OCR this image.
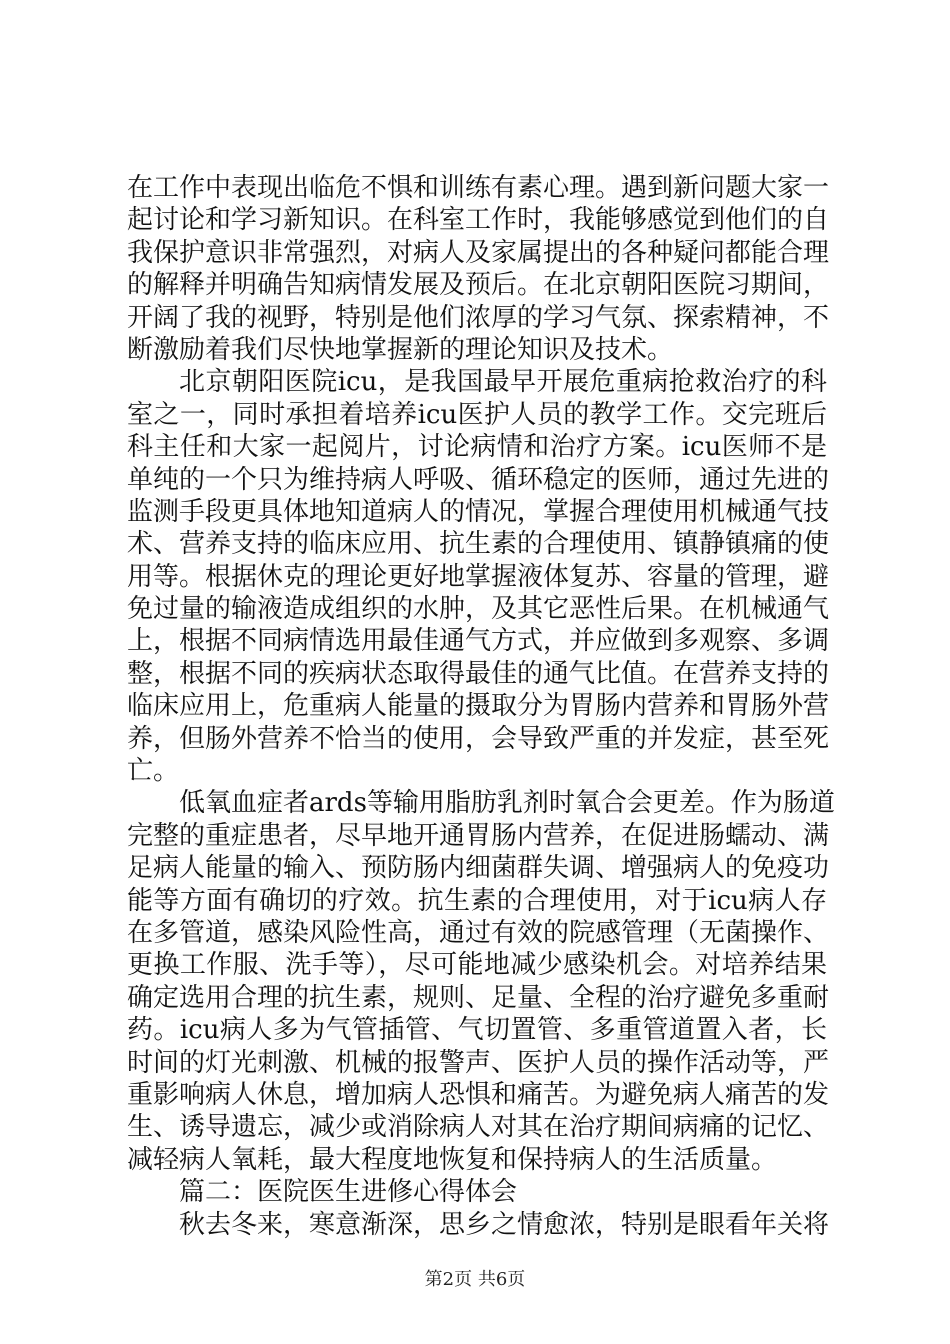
在工作中表现出临危不惧和训练有素心理。遇到新问题大家一
起讨论和学习新知识。在科室工作时，我能够感觉到他们的自
我保护意识非常强烈，对病人及家属提出的各种疑问都能合理
的解释并明确告知病情发展及预后。在北京朝阳医院习期间，
开阔了我的视野，特别是他们浓厚的学习气氛、探索精神，不
断激励着我们尽快地掌握新的理论知识及技术。
北京朝阳医院icu，是我国最早开展危重病抢救治疗的科
室之一，同时承担着培养icu医护人员的教学工作。交完班后
科主任和大家一起阅片，讨论病情和治疗方案。icu医师不是
单纯的一个只为维持病人呼吸、循环稳定的医师，通过先进的
监测手段更具体地知道病人的情况，掌握合理使用机械通气技
术、营养支持的临床应用、抗生素的合理使用、镇静镇痛的使
用等。根据休克的理论更好地掌握液体复苏、容量的管理，避
免过量的输液造成组织的水肿，及其它恶性后果。在机械通气
上，根据不同病情选用最佳通气方式，并应做到多观察、多调
整，根据不同的疾病状态取得最佳的通气比值。在营养支持的
临床应用上，危重病人能量的摄取分为胃肠内营养和胃肠外营
养，但肠外营养不恰当的使用，会导致严重的并发症，甚至死
亡。
低氧血症者ards等输用脂肪乳剂时氧合会更差。作为肠道
完整的重症患者，尽早地开通胃肠内营养，在促进肠蠕动、满
足病人能量的输入、预防肠内细菌群失调、增强病人的免疫功
能等方面有确切的疗效。抗生素的合理使用，对于icu病人存
在多管道，感染风险性高，通过有效的院感管理（无菌操作、
更换工作服、洗手等），尽可能地减少感染机会。对培养结果
确定选用合理的抗生素，规则、足量、全程的治疗避免多重耐
药。icu病人多为气管插管、气切置管、多重管道置入者，长
时间的灯光刺激、机械的报警声、医护人员的操作活动等，严
重影响病人休息，增加病人恐惧和痛苦。为避免病人痛苦的发
生、诱导遗忘，减少或消除病人对其在治疗期间病痛的记忆、
减轻病人氧耗，最大程度地恢复和保持病人的生活质量。
篇二：医院医生进修心得体会
秋去冬来，寒意渐深，思乡之情愈浓，特别是眼看年关将
第2页 共6页
